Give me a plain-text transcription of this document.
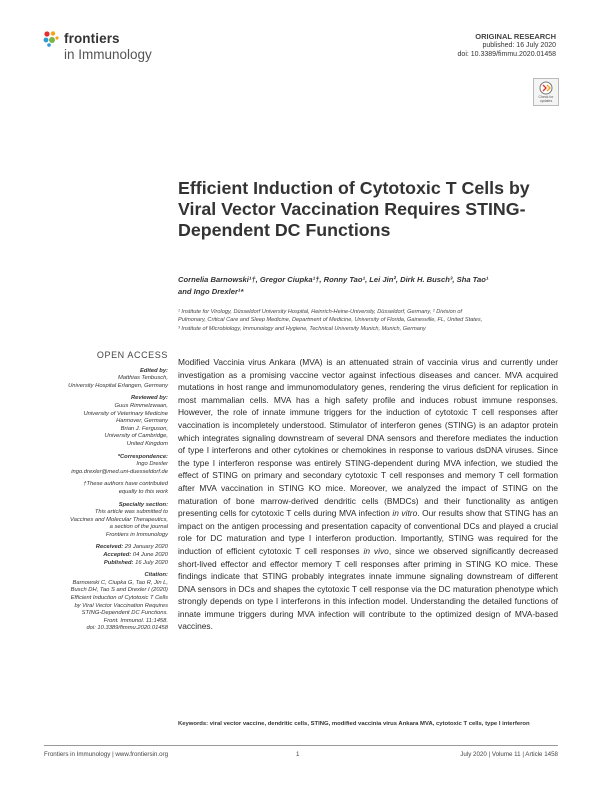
frontiers
in Immunology
ORIGINAL RESEARCH
published: 16 July 2020
doi: 10.3389/fimmu.2020.01458
Check for updates
Efficient Induction of Cytotoxic T Cells by Viral Vector Vaccination Requires STING-Dependent DC Functions
Cornelia Barnowski¹†, Gregor Ciupka¹†, Ronny Tao¹, Lei Jin², Dirk H. Busch³, Sha Tao¹
and Ingo Drexler¹*
¹ Institute for Virology, Düsseldorf University Hospital, Heinrich-Heine-University, Düsseldorf, Germany, ² Division of
Pulmonary, Critical Care and Sleep Medicine, Department of Medicine, University of Florida, Gainesville, FL, United States,
³ Institute of Microbiology, Immunology and Hygiene, Technical University Munich, Munich, Germany
OPEN ACCESS
Edited by:
Matthias Tenbusch,
University Hospital Erlangen, Germany
Reviewed by:
Guus Rimmelzwaan,
University of Veterinary Medicine
Hannover, Germany
Brian J. Ferguson,
University of Cambridge,
United Kingdom
*Correspondence:
Ingo Drexler
ingo.drexler@med.uni-duesseldorf.de
†These authors have contributed
equally to this work
Specialty section:
This article was submitted to
Vaccines and Molecular Therapeutics,
a section of the journal
Frontiers in Immunology
Received: 29 January 2020
Accepted: 04 June 2020
Published: 16 July 2020
Citation:
Barnowski C, Ciupka G, Tao R, Jin L,
Busch DH, Tao S and Drexler I (2020)
Efficient Induction of Cytotoxic T Cells
by Viral Vector Vaccination Requires
STING-Dependent DC Functions.
Front. Immunol. 11:1458.
doi: 10.3389/fimmu.2020.01458

Modified Vaccinia virus Ankara (MVA) is an attenuated strain of vaccinia virus and currently under investigation as a promising vaccine vector against infectious diseases and cancer. MVA acquired mutations in host range and immunomodulatory genes, rendering the virus deficient for replication in most mammalian cells. MVA has a high safety profile and induces robust immune responses. However, the role of innate immune triggers for the induction of cytotoxic T cell responses after vaccination is incompletely understood. Stimulator of interferon genes (STING) is an adaptor protein which integrates signaling downstream of several DNA sensors and therefore mediates the induction of type I interferons and other cytokines or chemokines in response to various dsDNA viruses. Since the type I interferon response was entirely STING-dependent during MVA infection, we studied the effect of STING on primary and secondary cytotoxic T cell responses and memory T cell formation after MVA vaccination in STING KO mice. Moreover, we analyzed the impact of STING on the maturation of bone marrow-derived dendritic cells (BMDCs) and their functionality as antigen presenting cells for cytotoxic T cells during MVA infection in vitro. Our results show that STING has an impact on the antigen processing and presentation capacity of conventional DCs and played a crucial role for DC maturation and type I interferon production. Importantly, STING was required for the induction of efficient cytotoxic T cell responses in vivo, since we observed significantly decreased short-lived effector and effector memory T cell responses after priming in STING KO mice. These findings indicate that STING probably integrates innate immune signaling downstream of different DNA sensors in DCs and shapes the cytotoxic T cell response via the DC maturation phenotype which strongly depends on type I interferons in this infection model. Understanding the detailed functions of innate immune triggers during MVA infection will contribute to the optimized design of MVA-based vaccines.

Keywords: viral vector vaccine, dendritic cells, STING, modified vaccinia virus Ankara MVA, cytotoxic T cells, type I interferon
Frontiers in Immunology | www.frontiersin.org	1	July 2020 | Volume 11 | Article 1458
